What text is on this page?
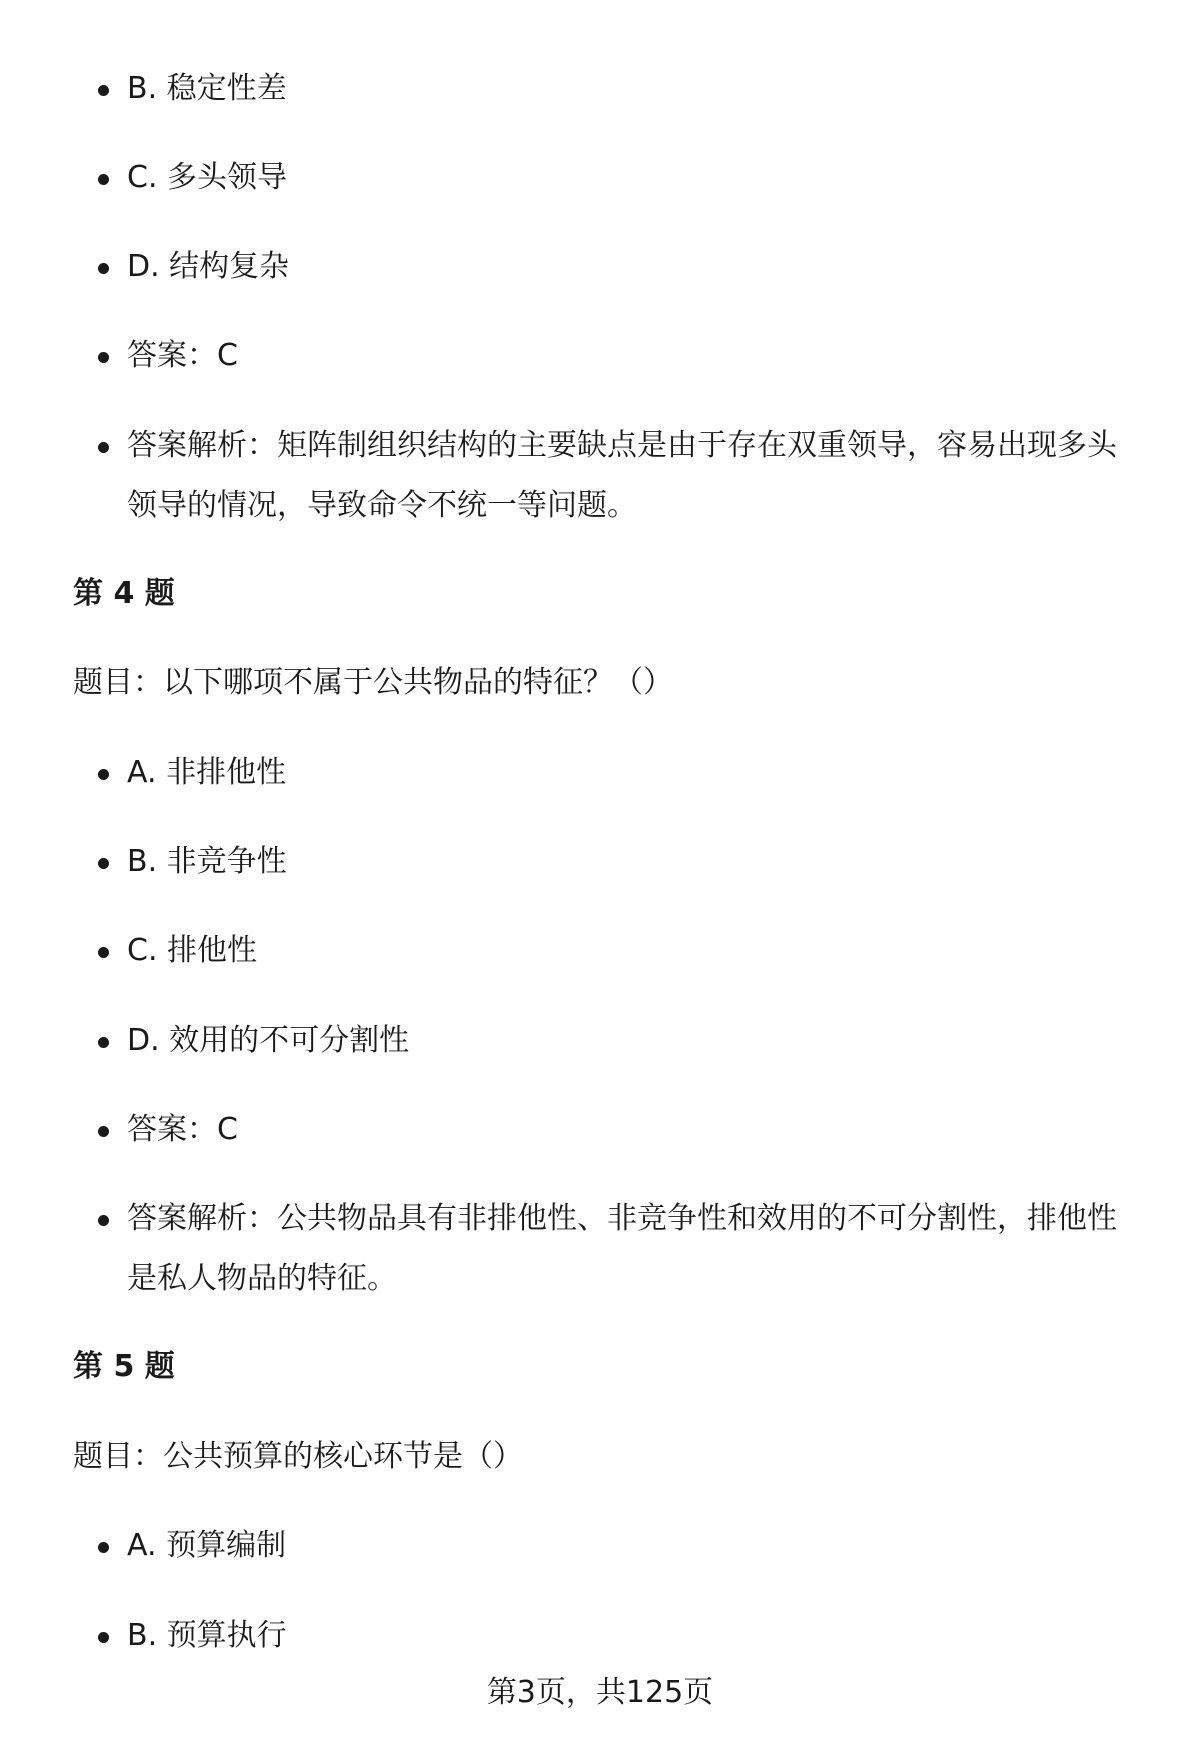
B. 稳定性差
C. 多头领导
D. 结构复杂
答案：C
答案解析：矩阵制组织结构的主要缺点是由于存在双重领导，容易出现多头领导的情况，导致命令不统一等问题。
第 4 题
题目：以下哪项不属于公共物品的特征？（）
A. 非排他性
B. 非竞争性
C. 排他性
D. 效用的不可分割性
答案：C
答案解析：公共物品具有非排他性、非竞争性和效用的不可分割性，排他性是私人物品的特征。
第 5 题
题目：公共预算的核心环节是（）
A. 预算编制
B. 预算执行
第3页，共125页
